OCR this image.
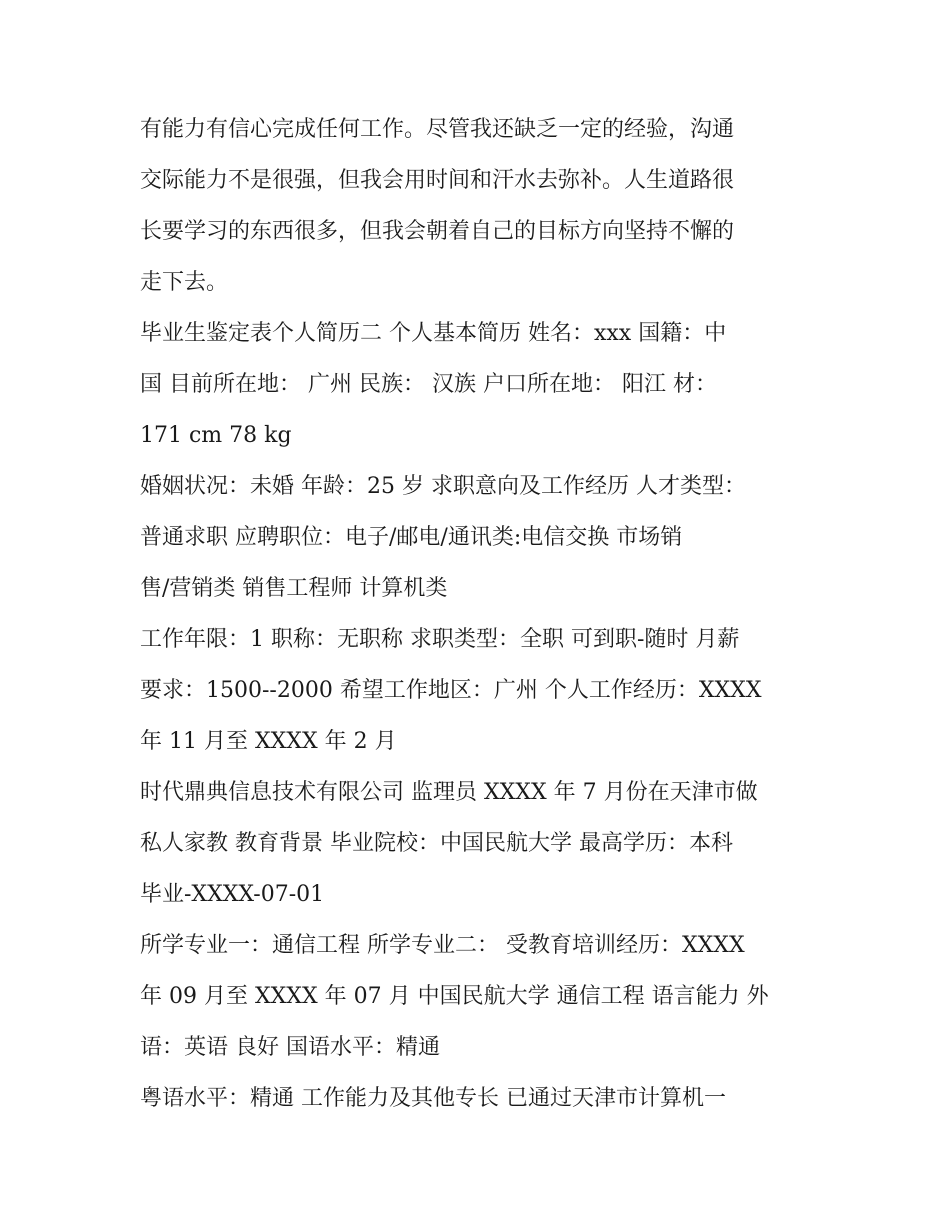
有能力有信心完成任何工作。尽管我还缺乏一定的经验，沟通
交际能力不是很强，但我会用时间和汗水去弥补。人生道路很
长要学习的东西很多，但我会朝着自己的目标方向坚持不懈的
走下去。
毕业生鉴定表个人简历二 个人基本简历 姓名：xxx 国籍：中
国 目前所在地： 广州 民族： 汉族 户口所在地： 阳江 材：
171 cm 78 kg
婚姻状况：未婚 年龄：25 岁 求职意向及工作经历 人才类型：
普通求职 应聘职位：电子/邮电/通讯类:电信交换 市场销
售/营销类 销售工程师 计算机类
工作年限：1 职称：无职称 求职类型：全职 可到职-随时 月薪
要求：1500--2000 希望工作地区：广州 个人工作经历：XXXX
年 11 月至 XXXX 年 2 月
时代鼎典信息技术有限公司 监理员 XXXX 年 7 月份在天津市做
私人家教 教育背景 毕业院校：中国民航大学 最高学历：本科
毕业-XXXX-07-01
所学专业一：通信工程 所学专业二： 受教育培训经历：XXXX
年 09 月至 XXXX 年 07 月 中国民航大学 通信工程 语言能力 外
语：英语 良好 国语水平：精通
粤语水平：精通 工作能力及其他专长 已通过天津市计算机一
